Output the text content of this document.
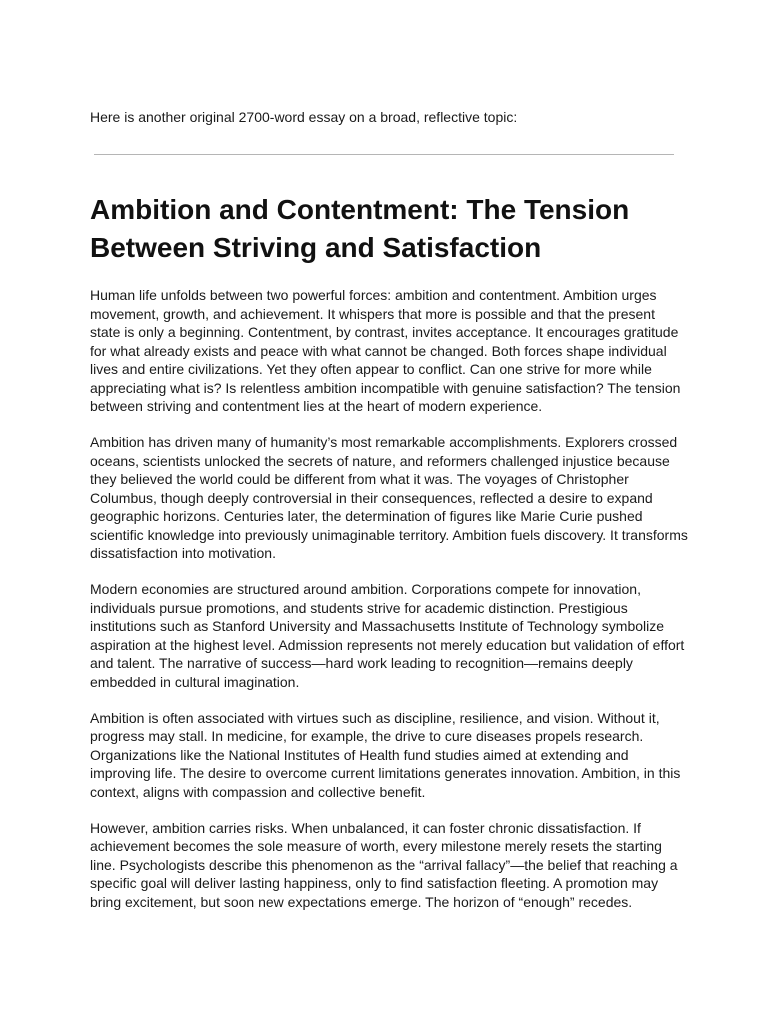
Here is another original 2700-word essay on a broad, reflective topic:

Ambition and Contentment: The Tension
Between Striving and Satisfaction

Human life unfolds between two powerful forces: ambition and contentment. Ambition urges movement, growth, and achievement. It whispers that more is possible and that the present state is only a beginning. Contentment, by contrast, invites acceptance. It encourages gratitude for what already exists and peace with what cannot be changed. Both forces shape individual lives and entire civilizations. Yet they often appear to conflict. Can one strive for more while appreciating what is? Is relentless ambition incompatible with genuine satisfaction? The tension between striving and contentment lies at the heart of modern experience.

Ambition has driven many of humanity’s most remarkable accomplishments. Explorers crossed oceans, scientists unlocked the secrets of nature, and reformers challenged injustice because they believed the world could be different from what it was. The voyages of Christopher Columbus, though deeply controversial in their consequences, reflected a desire to expand geographic horizons. Centuries later, the determination of figures like Marie Curie pushed scientific knowledge into previously unimaginable territory. Ambition fuels discovery. It transforms dissatisfaction into motivation.

Modern economies are structured around ambition. Corporations compete for innovation, individuals pursue promotions, and students strive for academic distinction. Prestigious institutions such as Stanford University and Massachusetts Institute of Technology symbolize aspiration at the highest level. Admission represents not merely education but validation of effort and talent. The narrative of success—hard work leading to recognition—remains deeply embedded in cultural imagination.

Ambition is often associated with virtues such as discipline, resilience, and vision. Without it, progress may stall. In medicine, for example, the drive to cure diseases propels research. Organizations like the National Institutes of Health fund studies aimed at extending and improving life. The desire to overcome current limitations generates innovation. Ambition, in this context, aligns with compassion and collective benefit.

However, ambition carries risks. When unbalanced, it can foster chronic dissatisfaction. If achievement becomes the sole measure of worth, every milestone merely resets the starting line. Psychologists describe this phenomenon as the “arrival fallacy”—the belief that reaching a specific goal will deliver lasting happiness, only to find satisfaction fleeting. A promotion may bring excitement, but soon new expectations emerge. The horizon of “enough” recedes.
